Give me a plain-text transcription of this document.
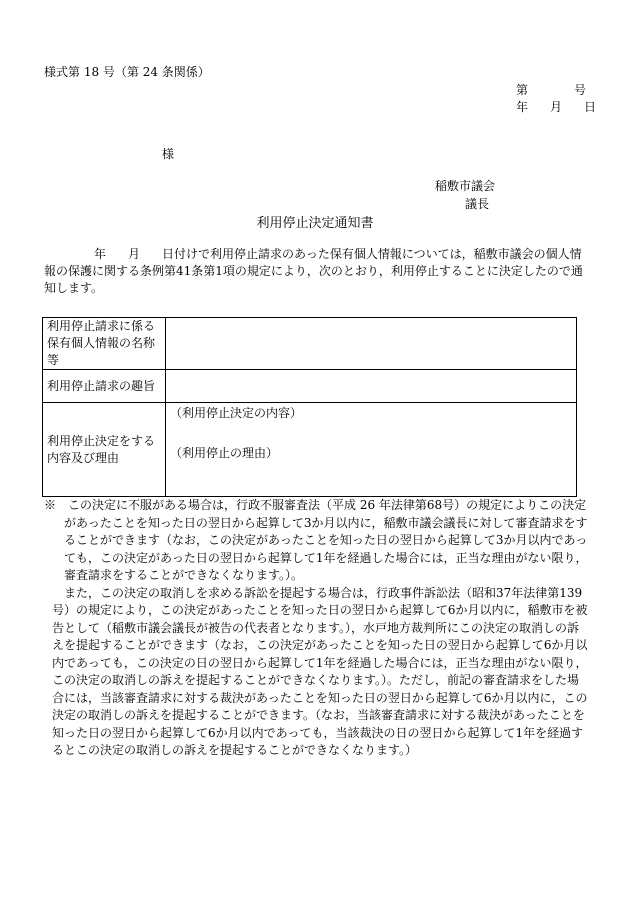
様式第 18 号（第 24 条関係）
第	号
年 月 日
様
稲敷市議会
議長
利用停止決定通知書
年 月 日付けで利用停止請求のあった保有個人情報については，稲敷市議会の個人情報の保護に関する条例第41条第1項の規定により，次のとおり，利用停止することに決定したので通知します。
利用停止請求に係る保有個人情報の名称等	
利用停止請求の趣旨	
利用停止決定をする内容及び理由	（利用停止決定の内容）
（利用停止の理由）

※　この決定に不服がある場合は，行政不服審査法（平成 26 年法律第68号）の規定によりこの決定があったことを知った日の翌日から起算して3か月以内に，稲敷市議会議長に対して審査請求をすることができます（なお，この決定があったことを知った日の翌日から起算して3か月以内であっても，この決定があった日の翌日から起算して1年を経過した場合には，正当な理由がない限り，審査請求をすることができなくなります。）。

また，この決定の取消しを求める訴訟を提起する場合は，行政事件訴訟法（昭和37年法律第139号）の規定により，この決定があったことを知った日の翌日から起算して6か月以内に，稲敷市を被告として（稲敷市議会議長が被告の代表者となります。），水戸地方裁判所にこの決定の取消しの訴えを提起することができます（なお，この決定があったことを知った日の翌日から起算して6か月以内であっても，この決定の日の翌日から起算して1年を経過した場合には，正当な理由がない限り，この決定の取消しの訴えを提起することができなくなります。）。ただし，前記の審査請求をした場合には，当該審査請求に対する裁決があったことを知った日の翌日から起算して6か月以内に，この決定の取消しの訴えを提起することができます。（なお，当該審査請求に対する裁決があったことを知った日の翌日から起算して6か月以内であっても，当該裁決の日の翌日から起算して1年を経過するとこの決定の取消しの訴えを提起することができなくなります。）
